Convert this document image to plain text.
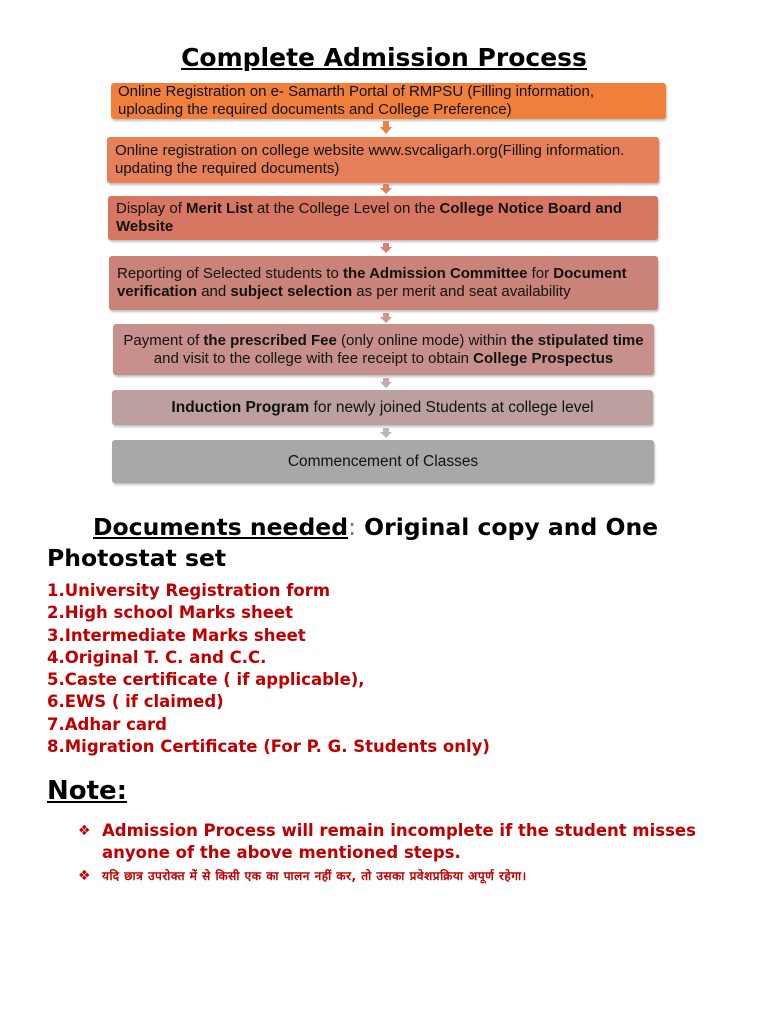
Complete Admission Process
Online Registration on e- Samarth Portal of RMPSU (Filling information, uploading the required documents and College Preference)
Online registration on college website www.svcaligarh.org(Filling information. updating the required documents)
Display of Merit List at the College Level on the College Notice Board and Website
Reporting of Selected students to the Admission Committee for Document verification and subject selection as per merit and seat availability
Payment of the prescribed Fee (only online mode) within the stipulated time and visit to the college with fee receipt to obtain College Prospectus
Induction Program for newly joined Students at college level
Commencement of Classes
Documents needed: Original copy and One Photostat set
1.University Registration form
2.High school Marks sheet
3.Intermediate Marks sheet
4.Original T. C. and C.C.
5.Caste certificate ( if applicable),
6.EWS ( if claimed)
7.Adhar card
8.Migration Certificate (For P. G. Students only)
Note:
❖ Admission Process will remain incomplete if the student misses anyone of the above mentioned steps.
❖ यदि छात्र उपरोक्त में से किसी एक का पालन नहीं कर, तो उसका प्रवेशप्रक्रिया अपूर्ण रहेगा।
